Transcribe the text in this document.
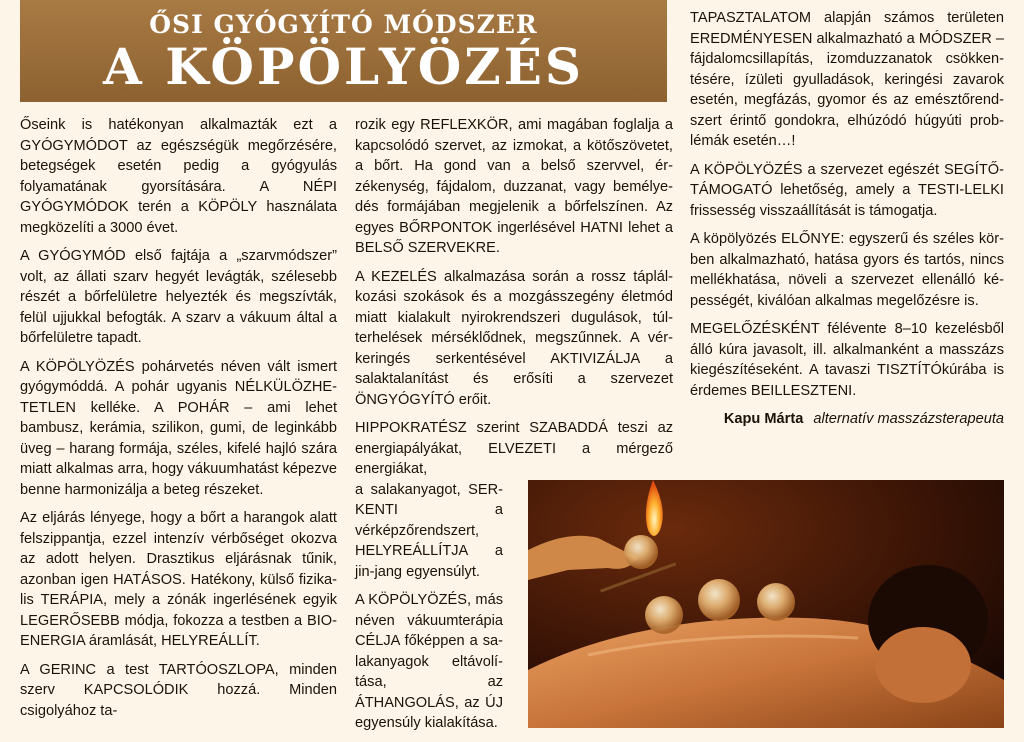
ŐSI GYÓGYÍTÓ MÓDSZER
A KÖPÖLYÖZÉS

Őseink is hatékonyan alkalmazták ezt a GYÓGYMÓDOT az egészségük megőrzésére, betegségek esetén pedig a gyógyulás folyamatának gyorsítására. A NÉPI GYÓGYMÓDOK terén a KÖPÖLY használata megközelíti a 3000 évet.

A GYÓGYMÓD első fajtája a „szarvmódszer” volt, az állati szarv hegyét levágták, szélesebb részét a bőrfelületre helyezték és megszívták, felül ujjukkal befogták. A szarv a vákuum által a bőrfelületre tapadt.

A KÖPÖLYÖZÉS pohárvetés néven vált ismert gyógymóddá. A pohár ugyanis NÉLKÜLÖZHETETLEN kelléke. A POHÁR – ami lehet bambusz, kerámia, szilikon, gumi, de leginkább üveg – harang formája, széles, kifelé hajló szára miatt alkalmas arra, hogy vákuumhatást képezve benne harmonizálja a beteg részeket.

Az eljárás lényege, hogy a bőrt a harangok alatt felszippantja, ezzel intenzív vérbőséget okozva az adott helyen. Drasztikus eljárásnak tűnik, azonban igen HATÁSOS. Hatékony, külső fizikalis TERÁPIA, mely a zónák ingerlésének egyik LEGERŐSEBB módja, fokozza a testben a BIOENERGIA áramlását, HELYREÁLLÍT.

A GERINC a test TARTÓOSZLOPA, minden szerv KAPCSOLÓDIK hozzá. Minden csigolyához ta-

rozik egy REFLEXKÖR, ami magában foglalja a kapcsolódó szervet, az izmokat, a kötőszövetet, a bőrt. Ha gond van a belső szervvel, érzékenység, fájdalom, duzzanat, vagy bemélyedés formájában megjelenik a bőrfelszínen. Az egyes BŐRPONTOK ingerlésével HATNI lehet a BELSŐ SZERVEKRE.

A KEZELÉS alkalmazása során a rossz táplálkozási szokások és a mozgásszegény életmód miatt kialakult nyirokrendszeri dugulások, túlterhelések mérséklődnek, megszűnnek. A vérkeringés serkentésével AKTIVIZÁLJA a salaktalanítást és erősíti a szervezet ÖNGYÓGYÍTÓ erőit.

HIPPOKRATÉSZ szerint SZABADDÁ teszi az energiapályákat, ELVEZETI a mérgező energiákat,

a salakanyagot, SERKENTI a vérképzőrendszert, HELYREÁLLÍTJA a jin-jang egyensúlyt.

A KÖPÖLYÖZÉS, más néven vákuumterápia CÉLJA főképpen a salakanyagok eltávolítása, az ÁTHANGOLÁS, az ÚJ egyensúly kialakítása.

TAPASZTALATOM alapján számos területen EREDMÉNYESEN alkalmazható a MÓDSZER – fájdalomcsillapítás, izomduzzanatok csökkentésére, ízületi gyulladások, keringési zavarok esetén, megfázás, gyomor és az emésztőrendszert érintő gondokra, elhúzódó húgyúti problémák esetén…!

A KÖPÖLYÖZÉS a szervezet egészét SEGÍTŐ-TÁMOGATÓ lehetőség, amely a TESTI-LELKI frissesség visszaállítását is támogatja.

A köpölyözés ELŐNYE: egyszerű és széles körben alkalmazható, hatása gyors és tartós, nincs mellékhatása, növeli a szervezet ellenálló képességét, kiválóan alkalmas megelőzésre is.

MEGELŐZÉSKÉNT félévente 8–10 kezelésből álló kúra javasolt, ill. alkalmanként a masszázs kiegészítéseként. A tavaszi TISZTÍTÓkúrába is érdemes BEILLESZTENI.

Kapu Márta alternatív masszázsterapeuta
